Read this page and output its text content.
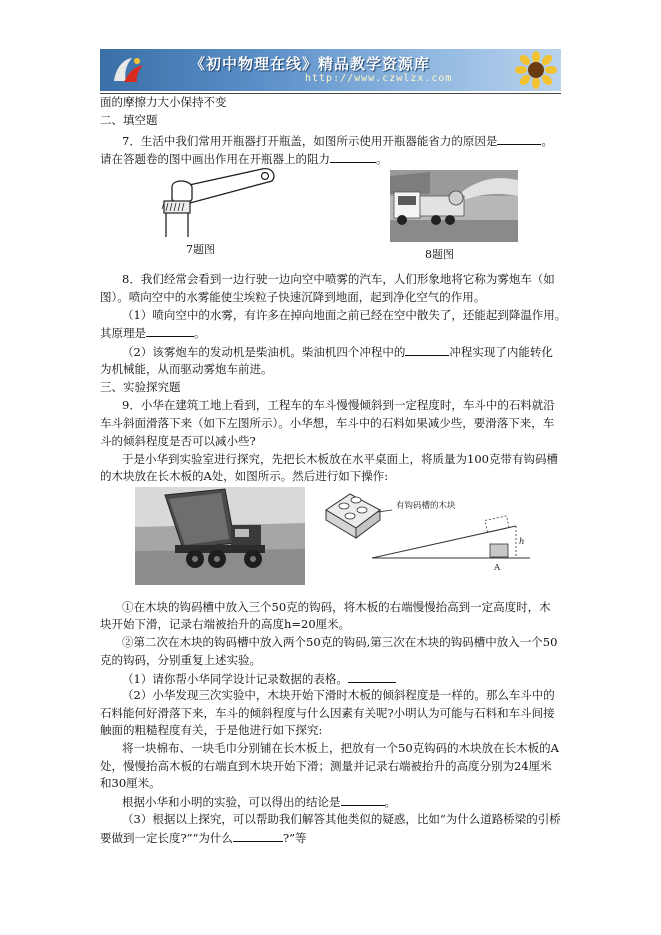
《初中物理在线》精品教学资源库
http://www.czwlzx.com
面的摩擦力大小保持不变
二、填空题
7．生活中我们常用开瓶器打开瓶盖，如图所示使用开瓶器能省力的原因是	。
请在答题卷的图中画出作用在开瓶器上的阻力	。
7题图	8题图
8．我们经常会看到一边行驶一边向空中喷雾的汽车，人们形象地将它称为雾炮车（如
图）。喷向空中的水雾能使尘埃粒子快速沉降到地面，起到净化空气的作用。
（1）喷向空中的水雾，有许多在掉向地面之前已经在空中散失了，还能起到降温作用。
其原理是	。
（2）该雾炮车的发动机是柴油机。柴油机四个冲程中的	冲程实现了内能转化
为机械能，从而驱动雾炮车前进。
三、实验探究题
9．小华在建筑工地上看到，工程车的车斗慢慢倾斜到一定程度时，车斗中的石料就沿
车斗斜面滑落下来（如下左图所示）。小华想，车斗中的石料如果减少些，要滑落下来，车
斗的倾斜程度是否可以减小些?
于是小华到实验室进行探究，先把长木板放在水平桌面上，将质量为100克带有钩码槽
的木块放在长木板的A处，如图所示。然后进行如下操作:
有钩码槽的木块
A
h
①在木块的钩码槽中放入三个50克的钩码，将木板的右端慢慢抬高到一定高度时，木
块开始下滑，记录右端被抬升的高度h=20厘米。
②第二次在木块的钩码槽中放入两个50克的钩码,第三次在木块的钩码槽中放入一个50
克的钩码，分别重复上述实验。
（1）请你帮小华同学设计记录数据的表格。
（2）小华发现三次实验中，木块开始下滑时木板的倾斜程度是一样的。那么车斗中的
石料能何好滑落下来，车斗的倾斜程度与什么因素有关呢?小明认为可能与石料和车斗间接
触面的粗糙程度有关，于是他进行如下探究:
将一块棉布、一块毛巾分别铺在长木板上，把放有一个50克钩码的木块放在长木板的A
处，慢慢抬高木板的右端直到木块开始下滑；测量并记录右端被抬升的高度分别为24厘米
和30厘米。
根据小华和小明的实验，可以得出的结论是	。
（3）根据以上探究，可以帮助我们解答其他类似的疑惑，比如“为什么道路桥梁的引桥
要做到一定长度?”“为什么	?”等
